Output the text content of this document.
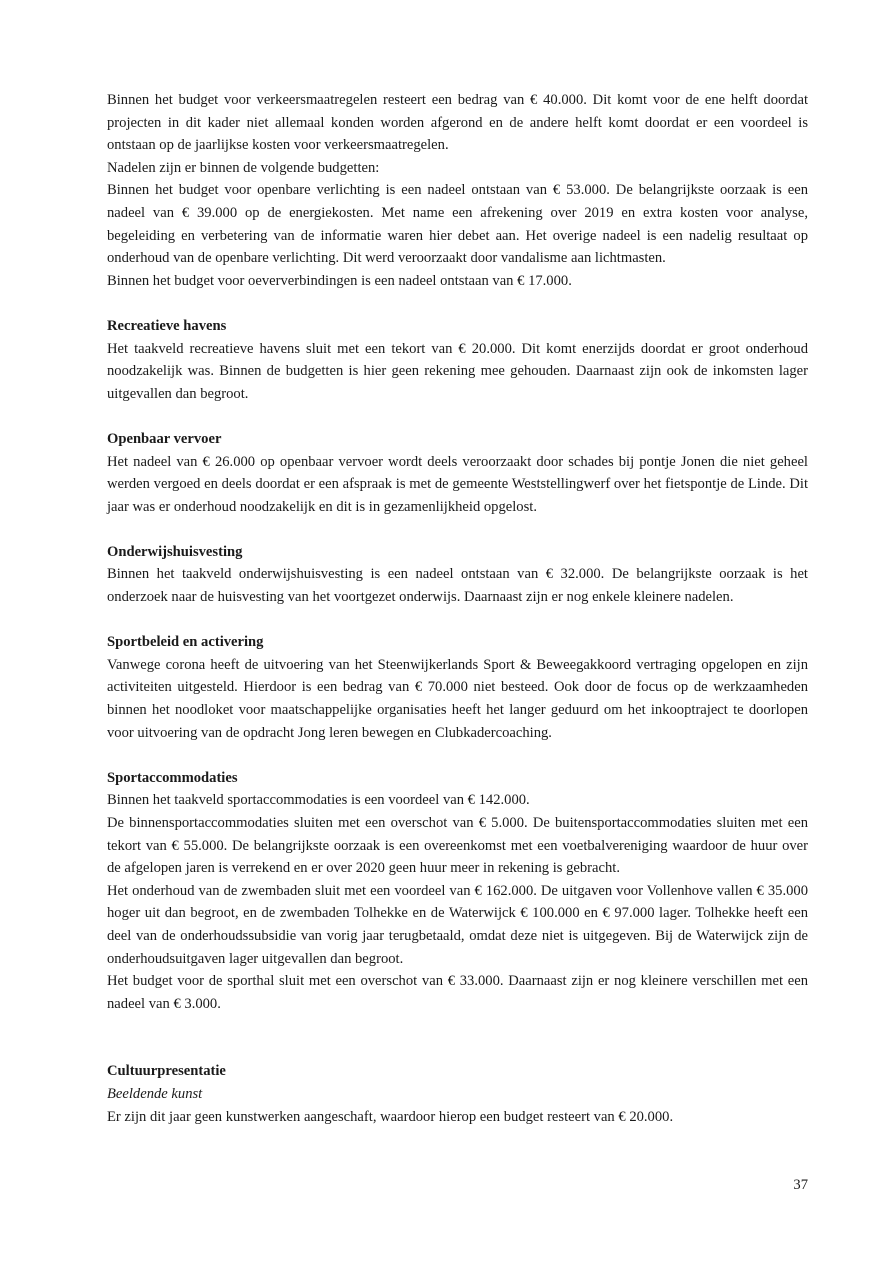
Binnen het budget voor verkeersmaatregelen resteert een bedrag van € 40.000. Dit komt voor de ene helft doordat projecten in dit kader niet allemaal konden worden afgerond en de andere helft komt doordat er een voordeel is ontstaan op de jaarlijkse kosten voor verkeersmaatregelen.

Nadelen zijn er binnen de volgende budgetten:

Binnen het budget voor openbare verlichting is een nadeel ontstaan van € 53.000. De belangrijkste oorzaak is een nadeel van € 39.000 op de energiekosten. Met name een afrekening over 2019 en extra kosten voor analyse, begeleiding en verbetering van de informatie waren hier debet aan. Het overige nadeel is een nadelig resultaat op onderhoud van de openbare verlichting. Dit werd veroorzaakt door vandalisme aan lichtmasten.

Binnen het budget voor oeververbindingen is een nadeel ontstaan van € 17.000.

Recreatieve havens

Het taakveld recreatieve havens sluit met een tekort van € 20.000. Dit komt enerzijds doordat er groot onderhoud noodzakelijk was. Binnen de budgetten is hier geen rekening mee gehouden. Daarnaast zijn ook de inkomsten lager uitgevallen dan begroot.

Openbaar vervoer

Het nadeel van € 26.000 op openbaar vervoer wordt deels veroorzaakt door schades bij pontje Jonen die niet geheel werden vergoed en deels doordat er een afspraak is met de gemeente Weststellingwerf over het fietspontje de Linde. Dit jaar was er onderhoud noodzakelijk en dit is in gezamenlijkheid opgelost.

Onderwijshuisvesting

Binnen het taakveld onderwijshuisvesting is een nadeel ontstaan van € 32.000. De belangrijkste oorzaak is het onderzoek naar de huisvesting van het voortgezet onderwijs. Daarnaast zijn er nog enkele kleinere nadelen.

Sportbeleid en activering

Vanwege corona heeft de uitvoering van het Steenwijkerlands Sport & Beweegakkoord vertraging opgelopen en zijn activiteiten uitgesteld. Hierdoor is een bedrag van € 70.000 niet besteed. Ook door de focus op de werkzaamheden binnen het noodloket voor maatschappelijke organisaties heeft het langer geduurd om het inkooptraject te doorlopen voor uitvoering van de opdracht Jong leren bewegen en Clubkadercoaching.

Sportaccommodaties

Binnen het taakveld sportaccommodaties is een voordeel van € 142.000.

De binnensportaccommodaties sluiten met een overschot van € 5.000. De buitensportaccommodaties sluiten met een tekort van € 55.000. De belangrijkste oorzaak is een overeenkomst met een voetbalvereniging waardoor de huur over de afgelopen jaren is verrekend en er over 2020 geen huur meer in rekening is gebracht.

Het onderhoud van de zwembaden sluit met een voordeel van € 162.000. De uitgaven voor Vollenhove vallen € 35.000 hoger uit dan begroot, en de zwembaden Tolhekke en de Waterwijck € 100.000 en € 97.000 lager. Tolhekke heeft een deel van de onderhoudssubsidie van vorig jaar terugbetaald, omdat deze niet is uitgegeven. Bij de Waterwijck zijn de onderhoudsuitgaven lager uitgevallen dan begroot.

Het budget voor de sporthal sluit met een overschot van € 33.000. Daarnaast zijn er nog kleinere verschillen met een nadeel van € 3.000.

Cultuurpresentatie

Beeldende kunst

Er zijn dit jaar geen kunstwerken aangeschaft, waardoor hierop een budget resteert van € 20.000.

37
